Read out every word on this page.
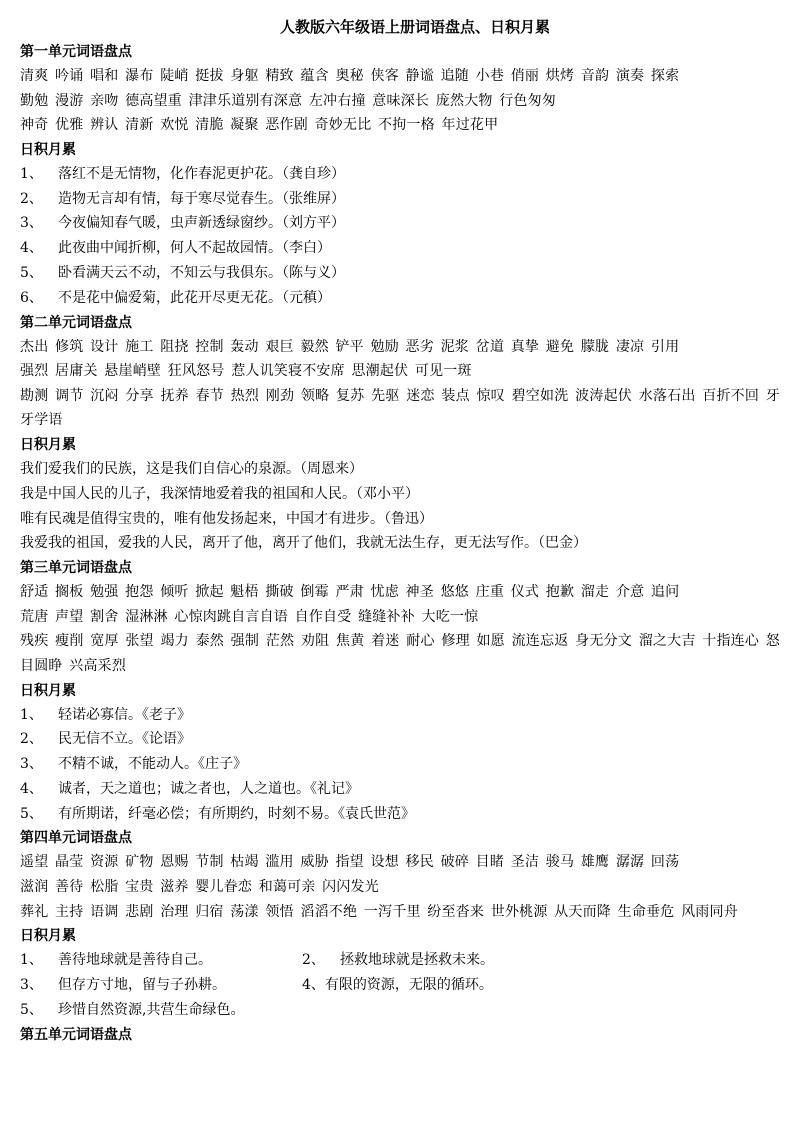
人教版六年级语上册词语盘点、日积月累
第一单元词语盘点
清爽 吟诵 唱和 瀑布 陡峭 挺拔 身躯 精致 蕴含 奥秘 侠客 静谧 追随 小巷 俏丽 烘烤 音韵 演奏 探索
勤勉 漫游 亲吻 德高望重 津津乐道别有深意 左冲右撞 意味深长 庞然大物 行色匆匆
神奇 优雅 辨认 清新 欢悦 清脆 凝聚 恶作剧 奇妙无比 不拘一格 年过花甲
日积月累
1、 落红不是无情物，化作春泥更护花。（龚自珍）
2、 造物无言却有情，每于寒尽觉春生。（张维屏）
3、 今夜偏知春气暖，虫声新透绿窗纱。（刘方平）
4、 此夜曲中闻折柳，何人不起故园情。（李白）
5、 卧看满天云不动，不知云与我俱东。（陈与义）
6、 不是花中偏爱菊，此花开尽更无花。（元稹）
第二单元词语盘点
杰出 修筑 设计 施工 阻挠 控制 轰动 艰巨 毅然 铲平 勉励 恶劣 泥浆 岔道 真挚 避免 朦胧 凄凉 引用
强烈 居庸关 悬崖峭壁 狂风怒号 惹人讥笑寝不安席 思潮起伏 可见一斑
勘测 调节 沉闷 分享 抚养 春节 热烈 刚劲 领略 复苏 先驱 迷恋 装点 惊叹 碧空如洗 波涛起伏 水落石出 百折不回 牙牙学语
日积月累
我们爱我们的民族，这是我们自信心的泉源。（周恩来）
我是中国人民的儿子，我深情地爱着我的祖国和人民。（邓小平）
唯有民魂是值得宝贵的，唯有他发扬起来，中国才有进步。（鲁迅）
我爱我的祖国，爱我的人民，离开了他，离开了他们，我就无法生存，更无法写作。（巴金）
第三单元词语盘点
舒适 搁板 勉强 抱怨 倾听 掀起 魁梧 撕破 倒霉 严肃 忧虑 神圣 悠悠 庄重 仪式 抱歉 溜走 介意 追问
荒唐 声望 割舍 湿淋淋 心惊肉跳自言自语 自作自受 缝缝补补 大吃一惊
残疾 瘦削 宽厚 张望 竭力 泰然 强制 茫然 劝阻 焦黄 着迷 耐心 修理 如愿 流连忘返 身无分文 溜之大吉 十指连心 怒目圆睁 兴高采烈
日积月累
1、 轻诺必寡信。《老子》
2、 民无信不立。《论语》
3、 不精不诚，不能动人。《庄子》
4、 诚者，天之道也；诚之者也，人之道也。《礼记》
5、 有所期诺，纤毫必偿；有所期约，时刻不易。《袁氏世范》
第四单元词语盘点
遥望 晶莹 资源 矿物 恩赐 节制 枯竭 滥用 威胁 指望 设想 移民 破碎 目睹 圣洁 骏马 雄鹰 潺潺 回荡
滋润 善待 松脂 宝贵 滋养 婴儿眷恋 和蔼可亲 闪闪发光
葬礼 主持 语调 悲剧 治理 归宿 荡漾 领悟 滔滔不绝 一泻千里 纷至沓来 世外桃源 从天而降 生命垂危 风雨同舟
日积月累
1、 善待地球就是善待自己。	2、 拯救地球就是拯救未来。
3、 但存方寸地，留与子孙耕。	4、有限的资源，无限的循环。
5、 珍惜自然资源,共营生命绿色。
第五单元词语盘点
